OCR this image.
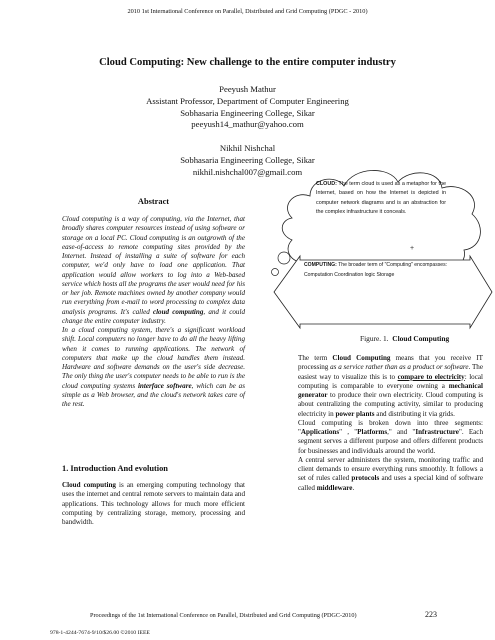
2010 1st International Conference on Parallel, Distributed and Grid Computing (PDGC - 2010)
Cloud Computing: New challenge to the entire computer industry
Peeyush Mathur
Assistant Professor, Department of Computer Engineering
Sobhasaria Engineering College, Sikar
peeyush14_mathur@yahoo.com
Nikhil Nishchal
Sobhasaria Engineering College, Sikar
nikhil.nishchal007@gmail.com
Abstract
Cloud computing is a way of computing, via the Internet, that broadly shares computer resources instead of using software or storage on a local PC. Cloud computing is an outgrowth of the ease-of-access to remote computing sites provided by the Internet. Instead of installing a suite of software for each computer, we'd only have to load one application. That application would allow workers to log into a Web-based service which hosts all the programs the user would need for his or her job. Remote machines owned by another company would run everything from e-mail to word processing to complex data analysis programs. It's called cloud computing, and it could change the entire computer industry.
In a cloud computing system, there's a significant workload shift. Local computers no longer have to do all the heavy lifting when it comes to running applications. The network of computers that make up the cloud handles them instead. Hardware and software demands on the user's side decrease. The only thing the user's computer needs to be able to run is the cloud computing systems interface software, which can be as simple as a Web browser, and the cloud's network takes care of the rest.
1. Introduction And evolution
Cloud computing is an emerging computing technology that uses the internet and central remote servers to maintain data and applications. This technology allows for much more efficient computing by centralizing storage, memory, processing and bandwidth.
+
CLOUD: The term cloud is used as a metaphor for the Internet, based on how the Internet is depicted in computer network diagrams and is an abstraction for the complex infrastructure it conceals.
COMPUTING: The broader term of "Computing" encompasses: Computation Coordination logic Storage
Figure. 1. Cloud Computing
The term Cloud Computing means that you receive IT processing as a service rather than as a product or software. The easiest way to visualize this is to compare to electricity: local computing is comparable to everyone owning a mechanical generator to produce their own electricity. Cloud computing is about centralizing the computing activity, similar to producing electricity in power plants and distributing it via grids.
Cloud computing is broken down into three segments: "Applications" , "Platforms," and "Infrastructure". Each segment serves a different purpose and offers different products for businesses and individuals around the world.
A central server administers the system, monitoring traffic and client demands to ensure everything runs smoothly. It follows a set of rules called protocols and uses a special kind of software called middleware.
Proceedings of the 1st International Conference on Parallel, Distributed and Grid Computing (PDGC-2010)	223
978-1-4244-7674-9/10/$26.00 ©2010 IEEE
